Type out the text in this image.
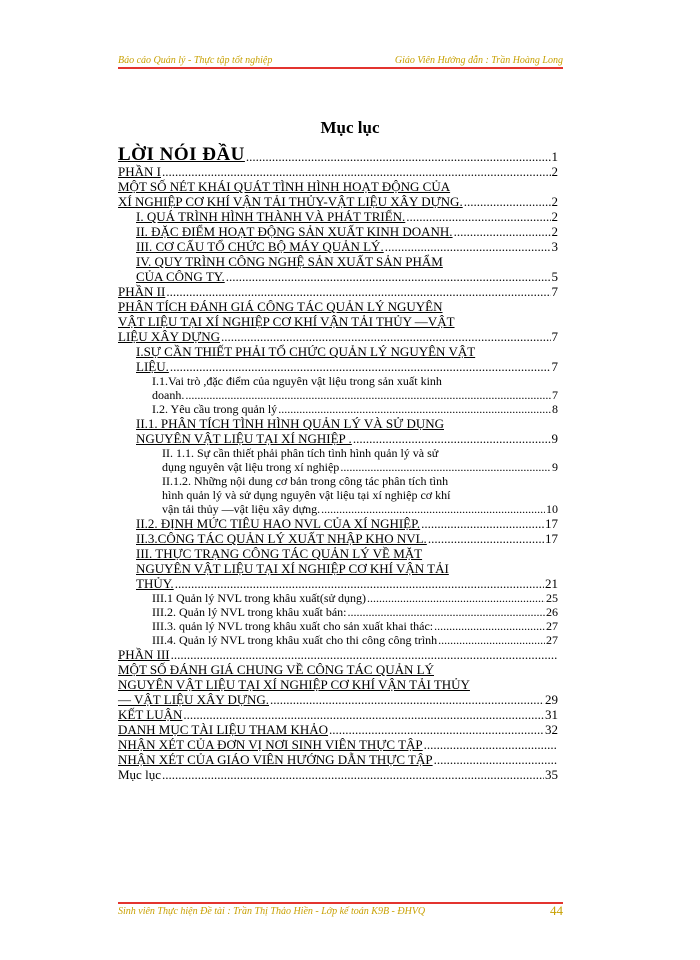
Báo cáo Quản lý - Thực tập tốt nghiệp	Giáo Viên Hướng dẫn : Trần Hoàng Long
Mục lục
LỜI NÓI ĐẦU .....	1
PHẦN I .....	2
MỘT SỐ NÉT KHÁI QUÁT TÌNH HÌNH HOẠT ĐỘNG CỦA
XÍ NGHIỆP CƠ KHÍ VẬN TẢI THỦY-VẬT LIỆU XÂY DỰNG. .....	2
I. QUÁ TRÌNH HÌNH THÀNH VÀ PHÁT TRIỂN. .....	2
II. ĐẶC ĐIỂM HOẠT ĐỘNG SẢN XUẤT KINH DOANH. .....	2
III. CƠ CẤU TỔ CHỨC BỘ MÁY QUẢN LÝ. .....	3
IV. QUY TRÌNH CÔNG NGHỆ SẢN XUẤT SẢN PHẨM
CỦA CÔNG TY. .....	5
PHẦN II .....	7
PHÂN TÍCH ĐÁNH GIÁ CÔNG TÁC QUẢN LÝ NGUYÊN
VẬT LIỆU TẠI XÍ NGHIỆP CƠ KHÍ VẬN TẢI THỦY —VẬT
LIỆU XÂY DỰNG .....	7
I.SỰ CẦN THIẾT PHẢI TỔ CHỨC QUẢN LÝ NGUYÊN VẬT
LIỆU. .....	7
I.1.Vai trò ,đặc điểm của nguyên vật liệu trong sản xuất kinh
doanh. .....	7
I.2. Yêu cầu trong quản lý .....	8
II.1. PHÂN TÍCH TÌNH HÌNH QUẢN LÝ VÀ SỬ DỤNG
NGUYÊN VẬT LIỆU TẠI XÍ NGHIỆP . .....	9
II. 1.1. Sự cần thiết phải phân tích tình hình quản lý và sử
dụng nguyên vật liệu trong xí nghiệp .....	9
II.1.2. Những nội dung cơ bản trong công tác phân tích tình
hình quản lý và sử dụng nguyên vật liệu tại xí nghiệp cơ khí
vận tải thủy —vật liệu xây dựng. .....	10
II.2. ĐỊNH MỨC TIÊU HAO NVL CỦA XÍ NGHIỆP. .....	17
II.3.CÔNG TÁC QUẢN LÝ XUẤT NHẬP KHO NVL. .....	17
III. THỰC TRẠNG CÔNG TÁC QUẢN LÝ VỀ MẶT
NGUYÊN VẬT LIỆU TẠI XÍ NGHIỆP CƠ KHÍ VẬN TẢI
THỦY. .....	21
III.1 Quản lý NVL trong khâu xuất(sử dụng) .....	25
III.2. Quản lý NVL trong khâu xuất bán: .....	26
III.3. quản lý NVL trong khâu xuất cho sản xuất khai thác: .....	27
III.4. Quản lý NVL trong khâu xuất cho thi công công trình .....	27
PHẦN III
.....
MỘT SỐ ĐÁNH GIÁ CHUNG VỀ CÔNG TÁC QUẢN LÝ
NGUYÊN VẬT LIỆU TẠI XÍ NGHIỆP CƠ KHÍ VẬN TẢI THỦY
— VẬT LIỆU XÂY DỰNG. .....	29
KẾT LUẬN .....	31
DANH MỤC TÀI LIỆU THAM KHẢO .....	32
NHẬN XÉT CỦA ĐƠN VỊ NƠI SINH VIÊN THỰC TẬP
.....
NHẬN XÉT CỦA GIÁO VIÊN HƯỚNG DẪN THỰC TẬP
.....
Mục lục .....	35
Sinh viên Thực hiện Đề tài : Trần Thị Thảo Hiền - Lớp kế toán K9B - ĐHVQ	44
